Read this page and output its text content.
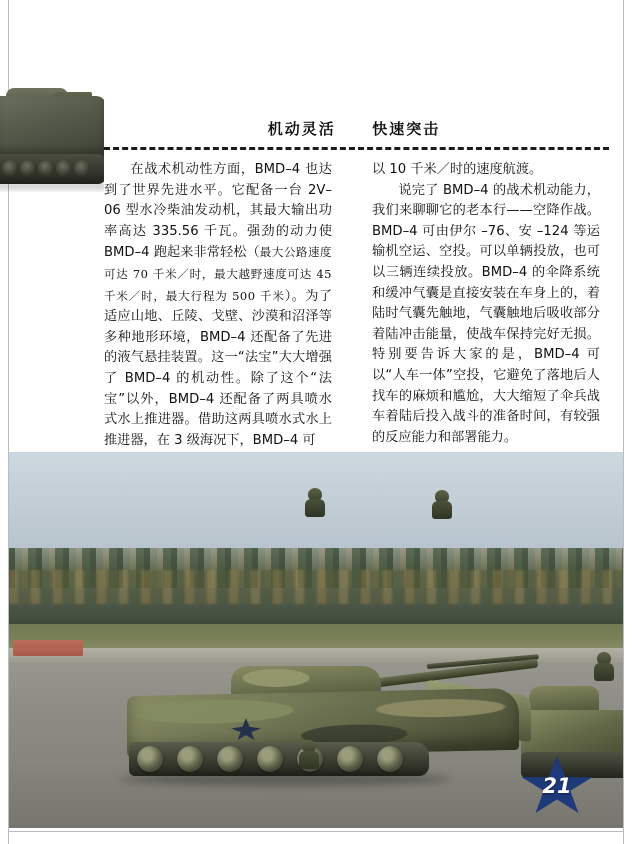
机动灵活 快速突击

在战术机动性方面，BMD–4 也达到了世界先进水平。它配备一台 2V–06 型水冷柴油发动机，其最大输出功率高达 335.56 千瓦。强劲的动力使 BMD–4 跑起来非常轻松（最大公路速度可达 70 千米／时，最大越野速度可达 45 千米／时，最大行程为 500 千米）。为了适应山地、丘陵、戈壁、沙漠和沼泽等多种地形环境，BMD–4 还配备了先进的液气悬挂装置。这一“法宝”大大增强了 BMD–4 的机动性。除了这个“法宝”以外，BMD–4 还配备了两具喷水式水上推进器。借助这两具喷水式水上推进器，在 3 级海况下，BMD–4 可

以 10 千米／时的速度航渡。

说完了 BMD–4 的战术机动能力，我们来聊聊它的老本行——空降作战。BMD–4 可由伊尔 –76、安 –124 等运输机空运、空投。可以单辆投放，也可以三辆连续投放。BMD–4 的伞降系统和缓冲气囊是直接安装在车身上的，着陆时气囊先触地，气囊触地后吸收部分着陆冲击能量，使战车保持完好无损。特别要告诉大家的是，BMD–4 可以“人车一体”空投，它避免了落地后人找车的麻烦和尴尬，大大缩短了伞兵战车着陆后投入战斗的准备时间，有较强的反应能力和部署能力。

21
